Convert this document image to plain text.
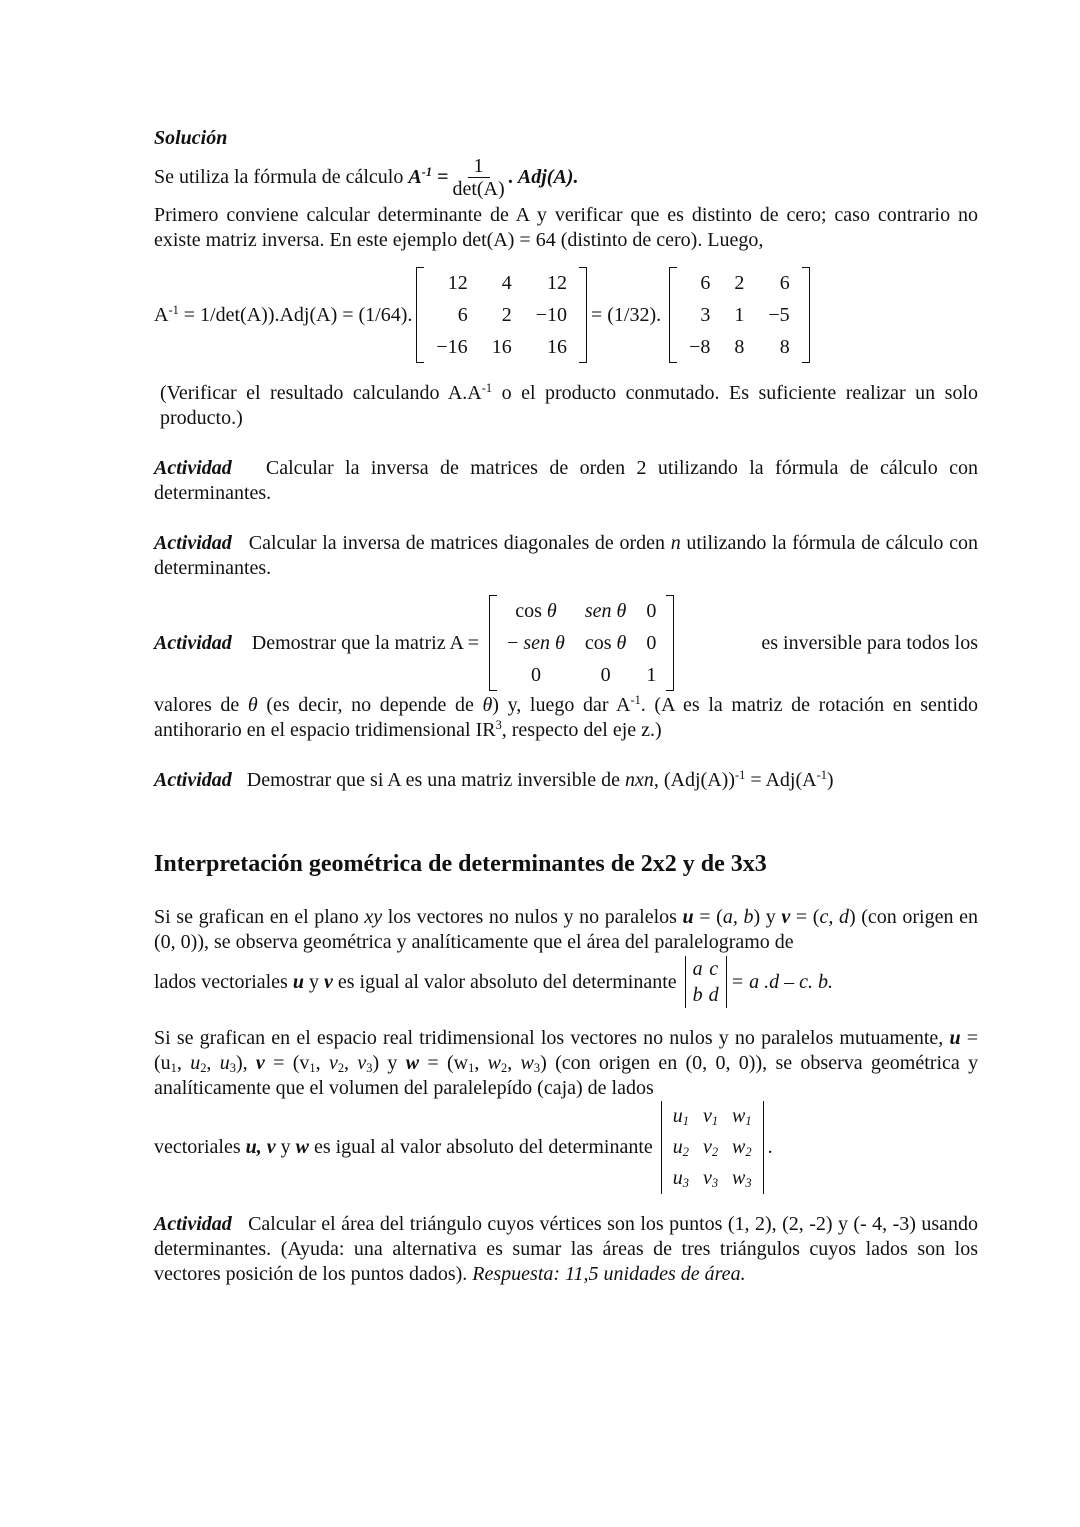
Solución

Se utiliza la fórmula de cálculo
$A^{-1} = \frac{1}{\det(A)}$ . Adj(A).

Primero conviene calcular determinante de A y verificar que es distinto de cero; caso contrario no existe matriz inversa. En este ejemplo det(A) = 64 (distinto de cero). Luego,

$A^{-1} = 1/\det(A)).Adj(A) = (1/64)$.
12	4	12
6	2	−10
−16	16	16
= (1/32).
6	2	6
3	1	−5
−8	8	8

(Verificar el resultado calculando $A.A^{-1}$ o el producto conmutado. Es suficiente realizar un solo producto.)

Actividad Calcular la inversa de matrices de orden 2 utilizando la fórmula de cálculo con determinantes.

Actividad Calcular la inversa de matrices diagonales de orden n utilizando la fórmula de cálculo con determinantes.

Actividad
Demostrar que la matriz A =
cos θ	sen θ	0
− sen θ	cos θ	0
0	0	1
es inversible para todos los

valores de θ (es decir, no depende de θ) y, luego dar $A^{-1}$. (A es la matriz de rotación en sentido antihorario en el espacio tridimensional $IR^3$, respecto del eje z.)

Actividad Demostrar que si A es una matriz inversible de nxn, $(Adj(A))^{-1} = Adj(A^{-1})$

Interpretación geométrica de determinantes de 2x2 y de 3x3

Si se grafican en el plano xy los vectores no nulos y no paralelos u = (a, b) y v = (c, d) (con origen en (0, 0)), se observa geométrica y analíticamente que el área del paralelogramo de

lados vectoriales u y v es igual al valor absoluto del determinante
a	c
b	d
= a .d – c. b.

Si se grafican en el espacio real tridimensional los vectores no nulos y no paralelos mutuamente, $u = (u_1$, $u_2$, $u_3$), $v = (v_1$, $v_2$, $v_3$) y $w = (w_1$, $w_2$, $w_3$) (con origen en (0, 0, 0)), se observa geométrica y analíticamente que el volumen del paralelepído (caja) de lados

vectoriales u, v y w es igual al valor absoluto del determinante
$u_1$	$v_1$	$w_1$
$u_2$	$v_2$	$w_2$
$u_3$	$v_3$	$w_3$
.

Actividad Calcular el área del triángulo cuyos vértices son los puntos (1, 2), (2, -2) y (- 4, -3) usando determinantes. (Ayuda: una alternativa es sumar las áreas de tres triángulos cuyos lados son los vectores posición de los puntos dados). Respuesta: 11,5 unidades de área.
